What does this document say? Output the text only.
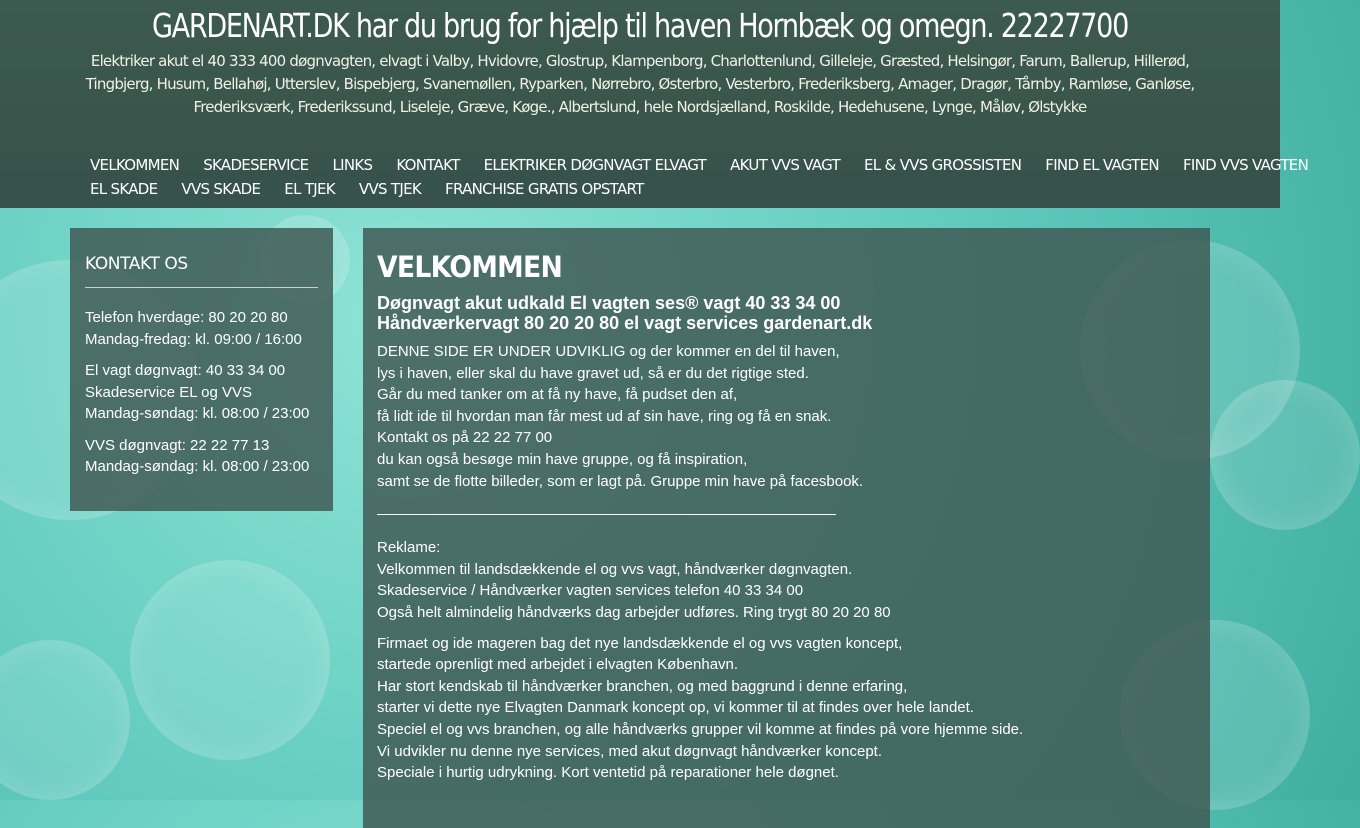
GARDENART.DK har du brug for hjælp til haven Hornbæk og omegn. 22227700
Elektriker akut el 40 333 400 døgnvagten, elvagt i Valby, Hvidovre, Glostrup, Klampenborg, Charlottenlund, Gilleleje, Græsted, Helsingør, Farum, Ballerup, Hillerød, Tingbjerg, Husum, Bellahøj, Utterslev, Bispebjerg, Svanemøllen, Ryparken, Nørrebro, Østerbro, Vesterbro, Frederiksberg, Amager, Dragør, Tårnby, Ramløse, Ganløse, Frederiksværk, Frederikssund, Liseleje, Græve, Køge., Albertslund, hele Nordsjælland, Roskilde, Hedehusene, Lynge, Måløv, Ølstykke
VELKOMMEN SKADESERVICE LINKS KONTAKT ELEKTRIKER DØGNVAGT ELVAGT AKUT VVS VAGT EL & VVS GROSSISTEN FIND EL VAGTEN FIND VVS VAGTEN
EL SKADE VVS SKADE EL TJEK VVS TJEK FRANCHISE GRATIS OPSTART
KONTAKT OS

Telefon hverdage: 80 20 20 80
Mandag-fredag: kl. 09:00 / 16:00

El vagt døgnvagt: 40 33 34 00
Skadeservice EL og VVS
Mandag-søndag: kl. 08:00 / 23:00

VVS døgnvagt: 22 22 77 13
Mandag-søndag: kl. 08:00 / 23:00

VELKOMMEN
Døgnvagt akut udkald El vagten ses® vagt 40 33 34 00
Håndværkervagt 80 20 20 80 el vagt services gardenart.dk

DENNE SIDE ER UNDER UDVIKLIG og der kommer en del til haven,
lys i haven, eller skal du have gravet ud, så er du det rigtige sted.
Går du med tanker om at få ny have, få pudset den af,
få lidt ide til hvordan man får mest ud af sin have, ring og få en snak.
Kontakt os på 22 22 77 00
du kan også besøge min have gruppe, og få inspiration,
samt se de flotte billeder, som er lagt på. Gruppe min have på facesbook.

Reklame:
Velkommen til landsdækkende el og vvs vagt, håndværker døgnvagten.
Skadeservice / Håndværker vagten services telefon 40 33 34 00
Også helt almindelig håndværks dag arbejder udføres. Ring trygt 80 20 20 80

Firmaet og ide mageren bag det nye landsdækkende el og vvs vagten koncept,
startede oprenligt med arbejdet i elvagten København.
Har stort kendskab til håndværker branchen, og med baggrund i denne erfaring,
starter vi dette nye Elvagten Danmark koncept op, vi kommer til at findes over hele landet.
Speciel el og vvs branchen, og alle håndværks grupper vil komme at findes på vore hjemme side.
Vi udvikler nu denne nye services, med akut døgnvagt håndværker koncept.
Speciale i hurtig udrykning. Kort ventetid på reparationer hele døgnet.
